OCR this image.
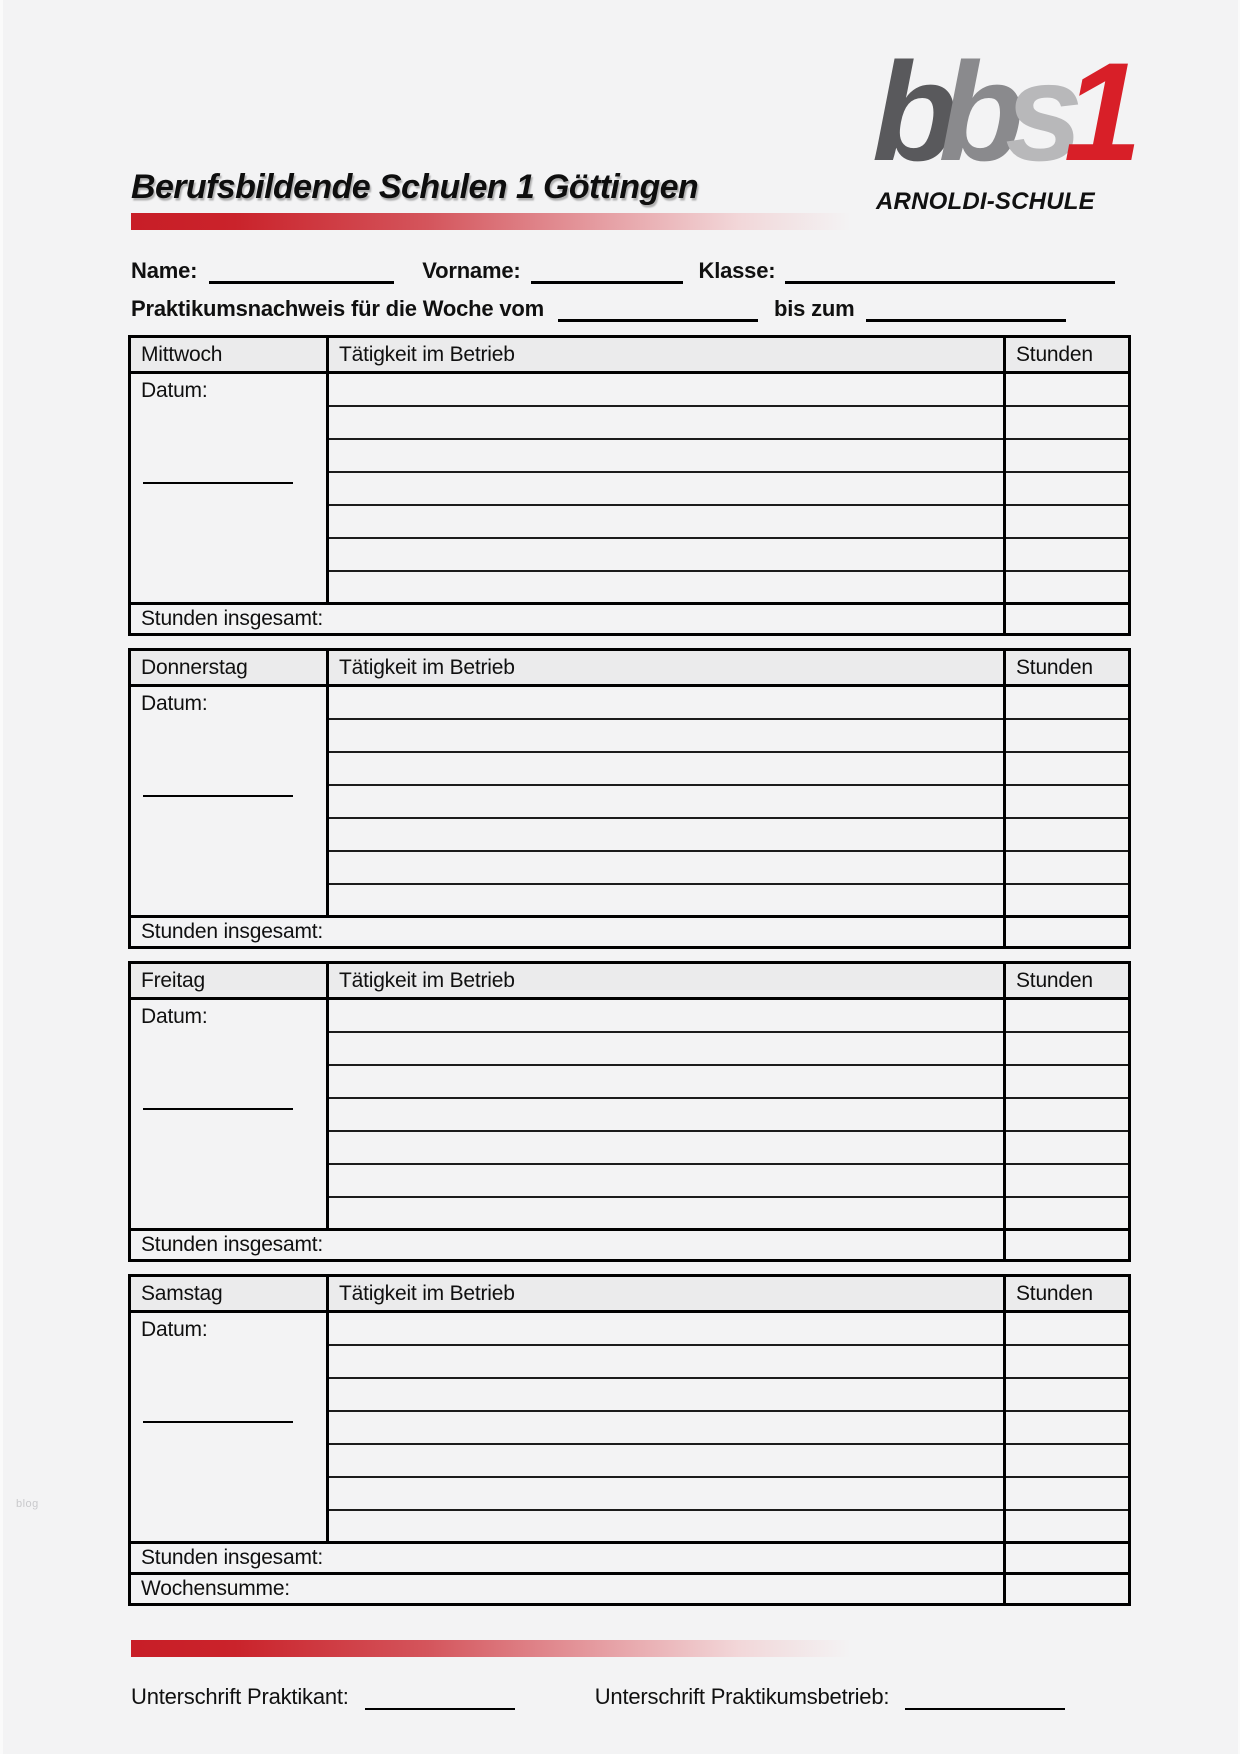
Berufsbildende Schulen 1 Göttingen bbs1
ARNOLDI-SCHULE
Name:	Vorname:	Klasse:
Praktikumsnachweis für die Woche vom	bis zum
Mittwoch	Tätigkeit im Betrieb	Stunden
Datum:

Stunden insgesamt:		
Donnerstag	Tätigkeit im Betrieb	Stunden
Datum:

Stunden insgesamt:		
Freitag	Tätigkeit im Betrieb	Stunden
Datum:

Stunden insgesamt:		
Samstag	Tätigkeit im Betrieb	Stunden
Datum:

Stunden insgesamt:		
Wochensumme:		
Unterschrift Praktikant:	Unterschrift Praktikumsbetrieb:
blog
